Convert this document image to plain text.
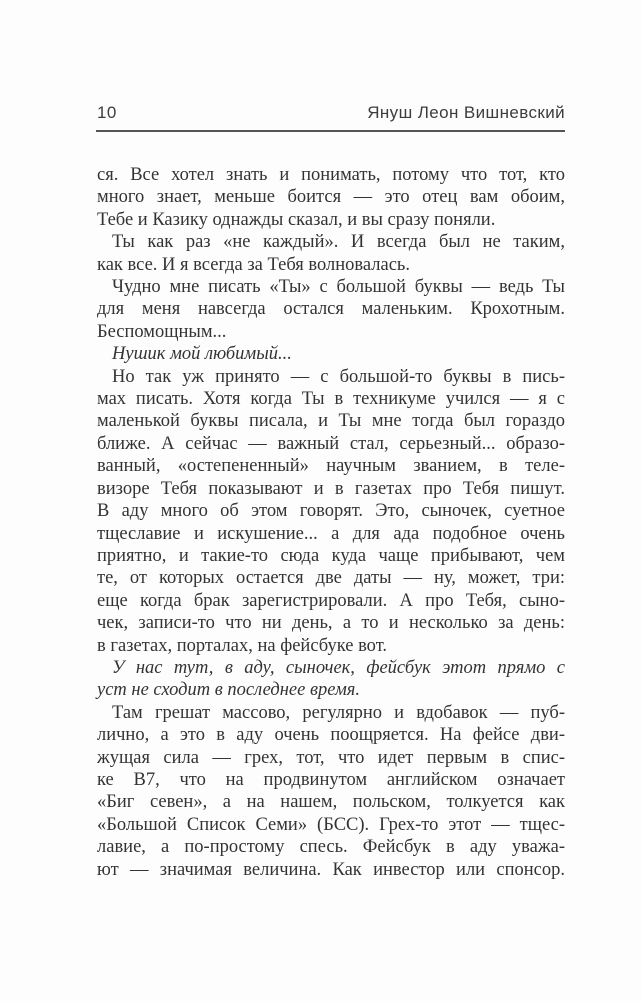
10	Януш Леон Вишневский
ся. Все хотел знать и понимать, потому что тот, кто
много знает, меньше боится — это отец вам обоим,
Тебе и Казику однажды сказал, и вы сразу поняли.
Ты как раз «не каждый». И всегда был не таким,
как все. И я всегда за Тебя волновалась.
Чудно мне писать «Ты» с большой буквы — ведь Ты
для меня навсегда остался маленьким. Крохотным.
Беспомощным...
Нушик мой любимый...
Но так уж принято — с большой-то буквы в пись-
мах писать. Хотя когда Ты в техникуме учился — я с
маленькой буквы писала, и Ты мне тогда был гораздо
ближе. А сейчас — важный стал, серьезный... образо-
ванный, «остепененный» научным званием, в теле-
визоре Тебя показывают и в газетах про Тебя пишут.
В аду много об этом говорят. Это, сыночек, суетное
тщеславие и искушение... а для ада подобное очень
приятно, и такие-то сюда куда чаще прибывают, чем
те, от которых остается две даты — ну, может, три:
еще когда брак зарегистрировали. А про Тебя, сыно-
чек, записи-то что ни день, а то и несколько за день:
в газетах, порталах, на фейсбуке вот.
У нас тут, в аду, сыночек, фейсбук этот прямо с
уст не сходит в последнее время.
Там грешат массово, регулярно и вдобавок — пуб-
лично, а это в аду очень поощряется. На фейсе дви-
жущая сила — грех, тот, что идет первым в спис-
ке В7, что на продвинутом английском означает
«Биг севен», а на нашем, польском, толкуется как
«Большой Список Семи» (БСС). Грех-то этот — тщес-
лавие, а по-простому спесь. Фейсбук в аду уважа-
ют — значимая величина. Как инвестор или спонсор.
